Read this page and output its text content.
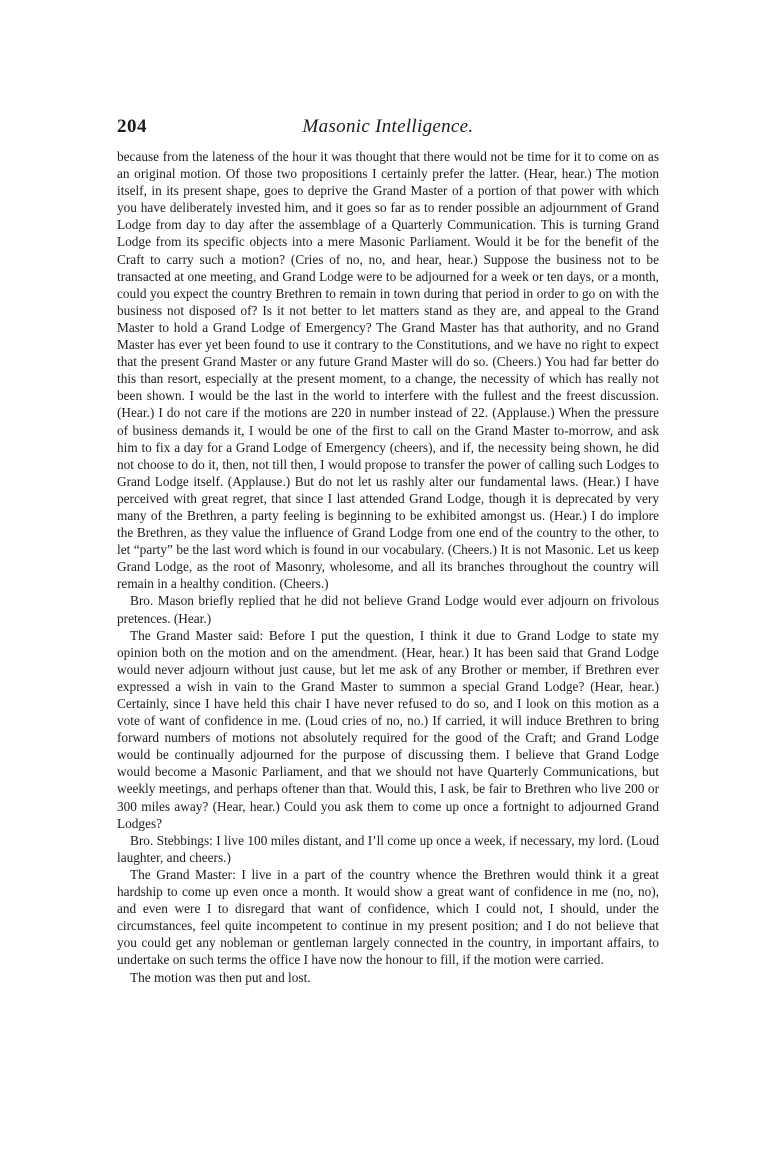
204	Masonic Intelligence.

because from the lateness of the hour it was thought that there would not be time for it to come on as an original motion. Of those two propositions I certainly prefer the latter. (Hear, hear.) The motion itself, in its present shape, goes to deprive the Grand Master of a portion of that power with which you have deliberately invested him, and it goes so far as to render possible an adjournment of Grand Lodge from day to day after the assemblage of a Quarterly Communication. This is turning Grand Lodge from its specific objects into a mere Masonic Parliament. Would it be for the benefit of the Craft to carry such a motion? (Cries of no, no, and hear, hear.) Suppose the business not to be transacted at one meeting, and Grand Lodge were to be adjourned for a week or ten days, or a month, could you expect the country Brethren to remain in town during that period in order to go on with the business not disposed of? Is it not better to let matters stand as they are, and appeal to the Grand Master to hold a Grand Lodge of Emergency? The Grand Master has that authority, and no Grand Master has ever yet been found to use it contrary to the Constitutions, and we have no right to expect that the present Grand Master or any future Grand Master will do so. (Cheers.) You had far better do this than resort, especially at the present moment, to a change, the necessity of which has really not been shown. I would be the last in the world to interfere with the fullest and the freest discussion. (Hear.) I do not care if the motions are 220 in number instead of 22. (Applause.) When the pressure of business demands it, I would be one of the first to call on the Grand Master to-morrow, and ask him to fix a day for a Grand Lodge of Emergency (cheers), and if, the necessity being shown, he did not choose to do it, then, not till then, I would propose to transfer the power of calling such Lodges to Grand Lodge itself. (Applause.) But do not let us rashly alter our fundamental laws. (Hear.) I have perceived with great regret, that since I last attended Grand Lodge, though it is deprecated by very many of the Brethren, a party feeling is beginning to be exhibited amongst us. (Hear.) I do implore the Brethren, as they value the influence of Grand Lodge from one end of the country to the other, to let “party” be the last word which is found in our vocabulary. (Cheers.) It is not Masonic. Let us keep Grand Lodge, as the root of Masonry, wholesome, and all its branches throughout the country will remain in a healthy condition. (Cheers.)

Bro. Mason briefly replied that he did not believe Grand Lodge would ever adjourn on frivolous pretences. (Hear.)

The Grand Master said: Before I put the question, I think it due to Grand Lodge to state my opinion both on the motion and on the amendment. (Hear, hear.) It has been said that Grand Lodge would never adjourn without just cause, but let me ask of any Brother or member, if Brethren ever expressed a wish in vain to the Grand Master to summon a special Grand Lodge? (Hear, hear.) Certainly, since I have held this chair I have never refused to do so, and I look on this motion as a vote of want of confidence in me. (Loud cries of no, no.) If carried, it will induce Brethren to bring forward numbers of motions not absolutely required for the good of the Craft; and Grand Lodge would be continually adjourned for the purpose of discussing them. I believe that Grand Lodge would become a Masonic Parliament, and that we should not have Quarterly Communications, but weekly meetings, and perhaps oftener than that. Would this, I ask, be fair to Brethren who live 200 or 300 miles away? (Hear, hear.) Could you ask them to come up once a fortnight to adjourned Grand Lodges?

Bro. Stebbings: I live 100 miles distant, and I’ll come up once a week, if necessary, my lord. (Loud laughter, and cheers.)

The Grand Master: I live in a part of the country whence the Brethren would think it a great hardship to come up even once a month. It would show a great want of confidence in me (no, no), and even were I to disregard that want of confidence, which I could not, I should, under the circumstances, feel quite incompetent to continue in my present position; and I do not believe that you could get any nobleman or gentleman largely connected in the country, in important affairs, to undertake on such terms the office I have now the honour to fill, if the motion were carried.

The motion was then put and lost.
